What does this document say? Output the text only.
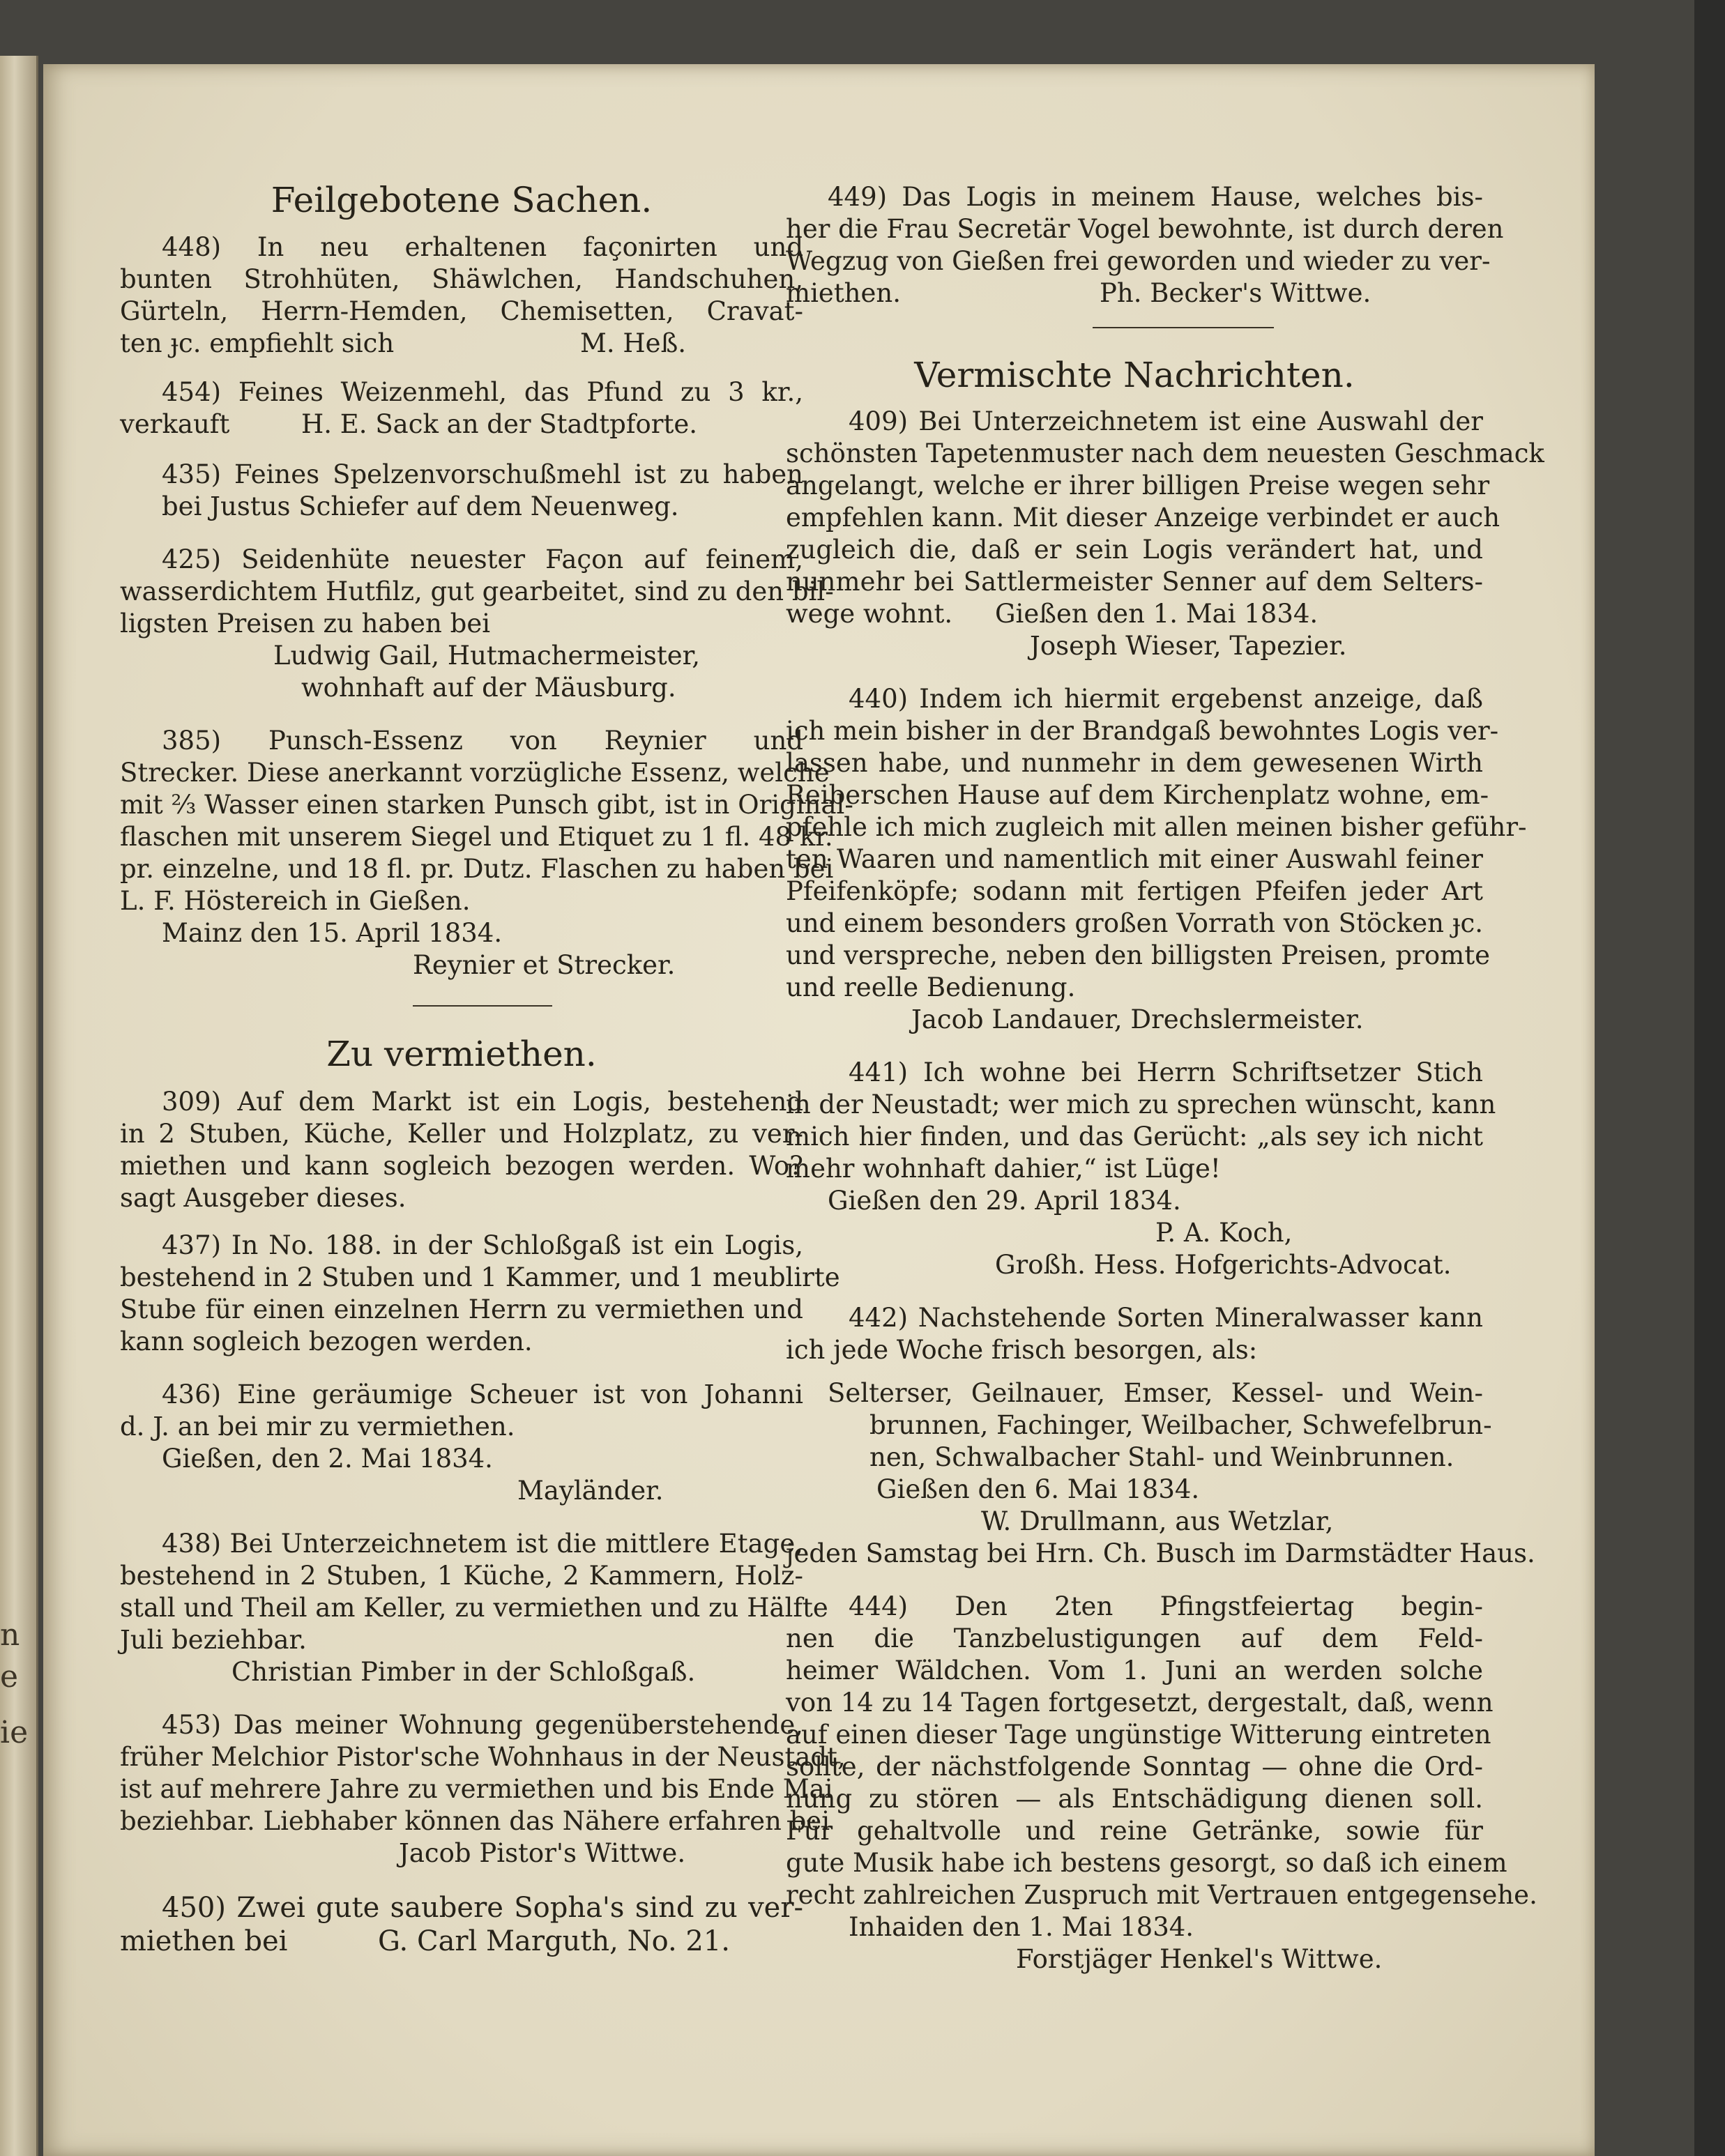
n
e
ie
Feilgebotene Sachen.
448) In neu erhaltenen façonirten und
bunten Strohhüten, Shäwlchen, Handschuhen,
Gürteln, Herrn-Hemden, Chemisetten, Cravat-
ten ɟc. empfiehlt sich	M. Heß.
454) Feines Weizenmehl, das Pfund zu 3 kr.,
verkauft	H. E. Sack an der Stadtpforte.
435) Feines Spelzenvorschußmehl ist zu haben
bei Justus Schiefer auf dem Neuenweg.
425) Seidenhüte neuester Façon auf feinem,
wasserdichtem Hutfilz, gut gearbeitet, sind zu den bil-
ligsten Preisen zu haben bei
Ludwig Gail, Hutmachermeister,
wohnhaft auf der Mäusburg.
385) Punsch-Essenz von Reynier und
Strecker. Diese anerkannt vorzügliche Essenz, welche
mit ⅔ Wasser einen starken Punsch gibt, ist in Original-
flaschen mit unserem Siegel und Etiquet zu 1 fl. 48 kr.
pr. einzelne, und 18 fl. pr. Dutz. Flaschen zu haben bei
L. F. Höstereich in Gießen.
Mainz den 15. April 1834.
Reynier et Strecker.
Zu vermiethen.
309) Auf dem Markt ist ein Logis, bestehend
in 2 Stuben, Küche, Keller und Holzplatz, zu ver-
miethen und kann sogleich bezogen werden. Wo?
sagt Ausgeber dieses.
437) In No. 188. in der Schloßgaß ist ein Logis,
bestehend in 2 Stuben und 1 Kammer, und 1 meublirte
Stube für einen einzelnen Herrn zu vermiethen und
kann sogleich bezogen werden.
436) Eine geräumige Scheuer ist von Johanni
d. J. an bei mir zu vermiethen.
Gießen, den 2. Mai 1834.
Mayländer.
438) Bei Unterzeichnetem ist die mittlere Etage,
bestehend in 2 Stuben, 1 Küche, 2 Kammern, Holz-
stall und Theil am Keller, zu vermiethen und zu Hälfte
Juli beziehbar.
Christian Pimber in der Schloßgaß.
453) Das meiner Wohnung gegenüberstehende,
früher Melchior Pistor'sche Wohnhaus in der Neustadt,
ist auf mehrere Jahre zu vermiethen und bis Ende Mai
beziehbar. Liebhaber können das Nähere erfahren bei
Jacob Pistor's Wittwe.
450) Zwei gute saubere Sopha's sind zu ver-
miethen bei	G. Carl Marguth, No. 21.
449) Das Logis in meinem Hause, welches bis-
her die Frau Secretär Vogel bewohnte, ist durch deren
Wegzug von Gießen frei geworden und wieder zu ver-
miethen.	Ph. Becker's Wittwe.
Vermischte Nachrichten.
409) Bei Unterzeichnetem ist eine Auswahl der
schönsten Tapetenmuster nach dem neuesten Geschmack
angelangt, welche er ihrer billigen Preise wegen sehr
empfehlen kann. Mit dieser Anzeige verbindet er auch
zugleich die, daß er sein Logis verändert hat, und
nunmehr bei Sattlermeister Senner auf dem Selters-
wege wohnt.	Gießen den 1. Mai 1834.
Joseph Wieser, Tapezier.
440) Indem ich hiermit ergebenst anzeige, daß
ich mein bisher in der Brandgaß bewohntes Logis ver-
lassen habe, und nunmehr in dem gewesenen Wirth
Reiberschen Hause auf dem Kirchenplatz wohne, em-
pfehle ich mich zugleich mit allen meinen bisher geführ-
ten Waaren und namentlich mit einer Auswahl feiner
Pfeifenköpfe; sodann mit fertigen Pfeifen jeder Art
und einem besonders großen Vorrath von Stöcken ɟc.
und verspreche, neben den billigsten Preisen, promte
und reelle Bedienung.
Jacob Landauer, Drechslermeister.
441) Ich wohne bei Herrn Schriftsetzer Stich
in der Neustadt; wer mich zu sprechen wünscht, kann
mich hier finden, und das Gerücht: „als sey ich nicht
mehr wohnhaft dahier,“ ist Lüge!
Gießen den 29. April 1834.
P. A. Koch,
Großh. Hess. Hofgerichts-Advocat.
442) Nachstehende Sorten Mineralwasser kann
ich jede Woche frisch besorgen, als:
Selterser, Geilnauer, Emser, Kessel- und Wein-
brunnen, Fachinger, Weilbacher, Schwefelbrun-
nen, Schwalbacher Stahl- und Weinbrunnen.
Gießen den 6. Mai 1834.
W. Drullmann, aus Wetzlar,
jeden Samstag bei Hrn. Ch. Busch im Darmstädter Haus.
444) Den 2ten Pfingstfeiertag begin-
nen die Tanzbelustigungen auf dem Feld-
heimer Wäldchen. Vom 1. Juni an werden solche
von 14 zu 14 Tagen fortgesetzt, dergestalt, daß, wenn
auf einen dieser Tage ungünstige Witterung eintreten
sollte, der nächstfolgende Sonntag — ohne die Ord-
nung zu stören — als Entschädigung dienen soll.
Für gehaltvolle und reine Getränke, sowie für
gute Musik habe ich bestens gesorgt, so daß ich einem
recht zahlreichen Zuspruch mit Vertrauen entgegensehe.
Inhaiden den 1. Mai 1834.
Forstjäger Henkel's Wittwe.
